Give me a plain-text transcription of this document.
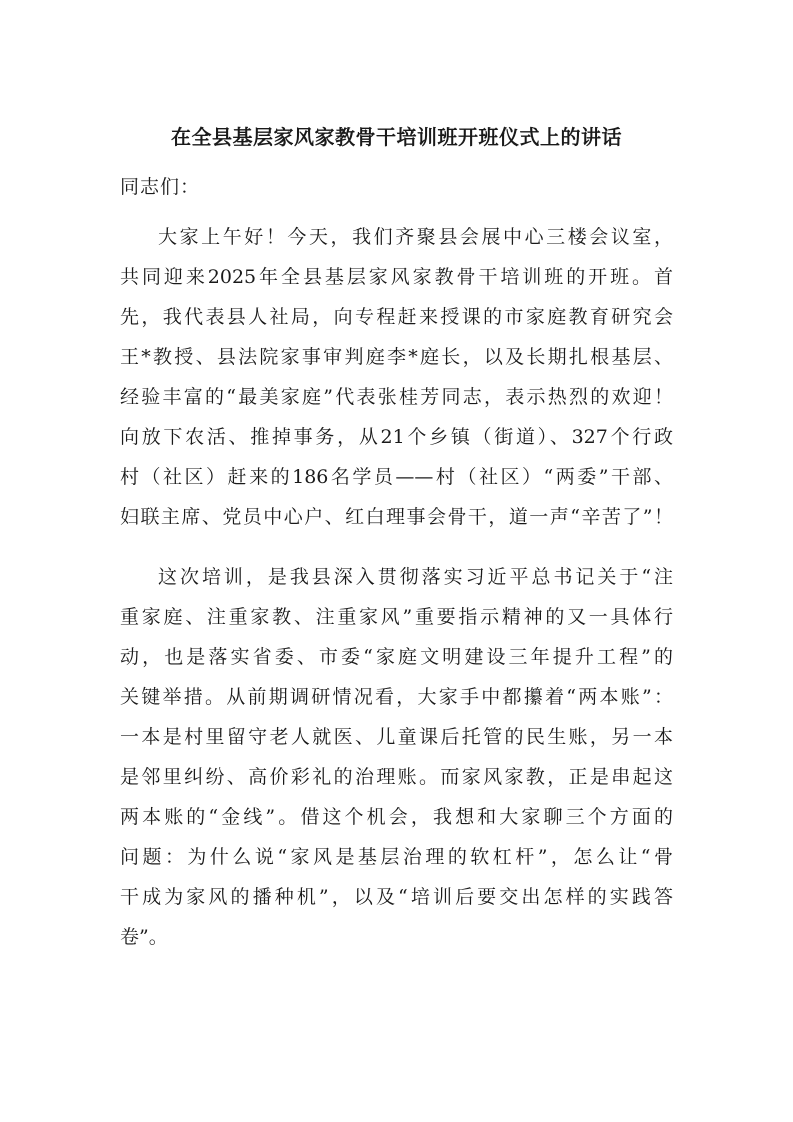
在全县基层家风家教骨干培训班开班仪式上的讲话
同志们：
大家上午好！今天，我们齐聚县会展中心三楼会议室，
共同迎来2025年全县基层家风家教骨干培训班的开班。首
先，我代表县人社局，向专程赶来授课的市家庭教育研究会
王*教授、县法院家事审判庭李*庭长，以及长期扎根基层、
经验丰富的“最美家庭”代表张桂芳同志，表示热烈的欢迎！
向放下农活、推掉事务，从21个乡镇（街道）、327个行政
村（社区）赶来的186名学员——村（社区）“两委”干部、
妇联主席、党员中心户、红白理事会骨干，道一声“辛苦了”！
这次培训，是我县深入贯彻落实习近平总书记关于“注
重家庭、注重家教、注重家风”重要指示精神的又一具体行
动，也是落实省委、市委“家庭文明建设三年提升工程”的
关键举措。从前期调研情况看，大家手中都攥着“两本账”：
一本是村里留守老人就医、儿童课后托管的民生账，另一本
是邻里纠纷、高价彩礼的治理账。而家风家教，正是串起这
两本账的“金线”。借这个机会，我想和大家聊三个方面的
问题：为什么说“家风是基层治理的软杠杆”，怎么让“骨
干成为家风的播种机”，以及“培训后要交出怎样的实践答
卷”。
